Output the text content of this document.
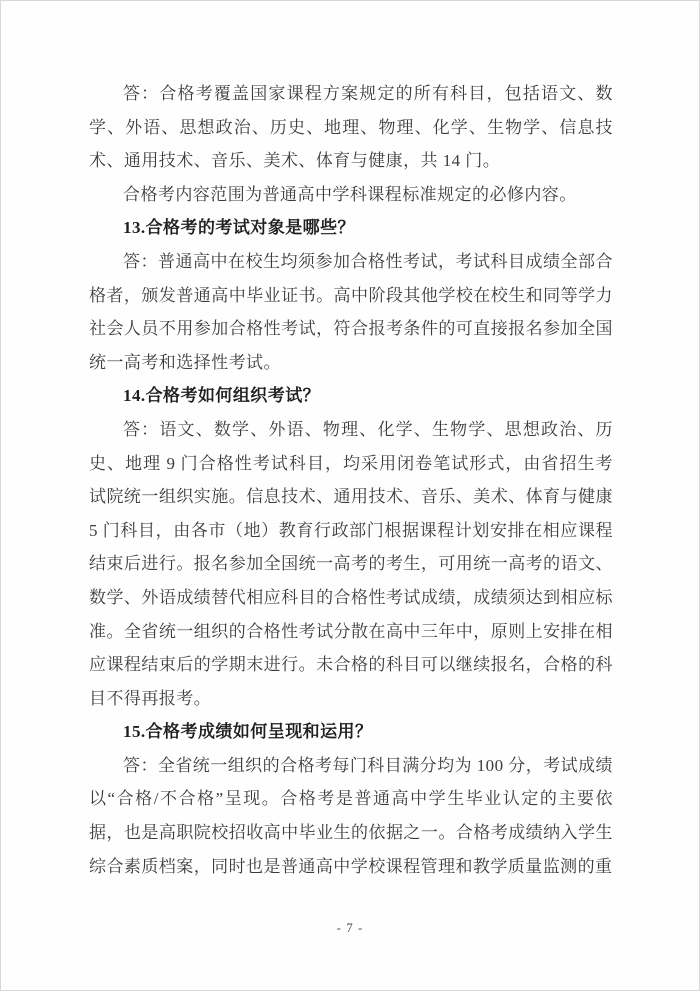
答：合格考覆盖国家课程方案规定的所有科目，包括语文、数学、外语、思想政治、历史、地理、物理、化学、生物学、信息技术、通用技术、音乐、美术、体育与健康，共 14 门。

合格考内容范围为普通高中学科课程标准规定的必修内容。

13.合格考的考试对象是哪些？

答：普通高中在校生均须参加合格性考试，考试科目成绩全部合格者，颁发普通高中毕业证书。高中阶段其他学校在校生和同等学力社会人员不用参加合格性考试，符合报考条件的可直接报名参加全国统一高考和选择性考试。

14.合格考如何组织考试？

答：语文、数学、外语、物理、化学、生物学、思想政治、历史、地理 9 门合格性考试科目，均采用闭卷笔试形式，由省招生考试院统一组织实施。信息技术、通用技术、音乐、美术、体育与健康 5 门科目，由各市（地）教育行政部门根据课程计划安排在相应课程结束后进行。报名参加全国统一高考的考生，可用统一高考的语文、数学、外语成绩替代相应科目的合格性考试成绩，成绩须达到相应标准。全省统一组织的合格性考试分散在高中三年中，原则上安排在相应课程结束后的学期末进行。未合格的科目可以继续报名，合格的科目不得再报考。

15.合格考成绩如何呈现和运用？

答：全省统一组织的合格考每门科目满分均为 100 分，考试成绩以“合格/不合格”呈现。合格考是普通高中学生毕业认定的主要依据，也是高职院校招收高中毕业生的依据之一。合格考成绩纳入学生综合素质档案，同时也是普通高中学校课程管理和教学质量监测的重

- 7 -
